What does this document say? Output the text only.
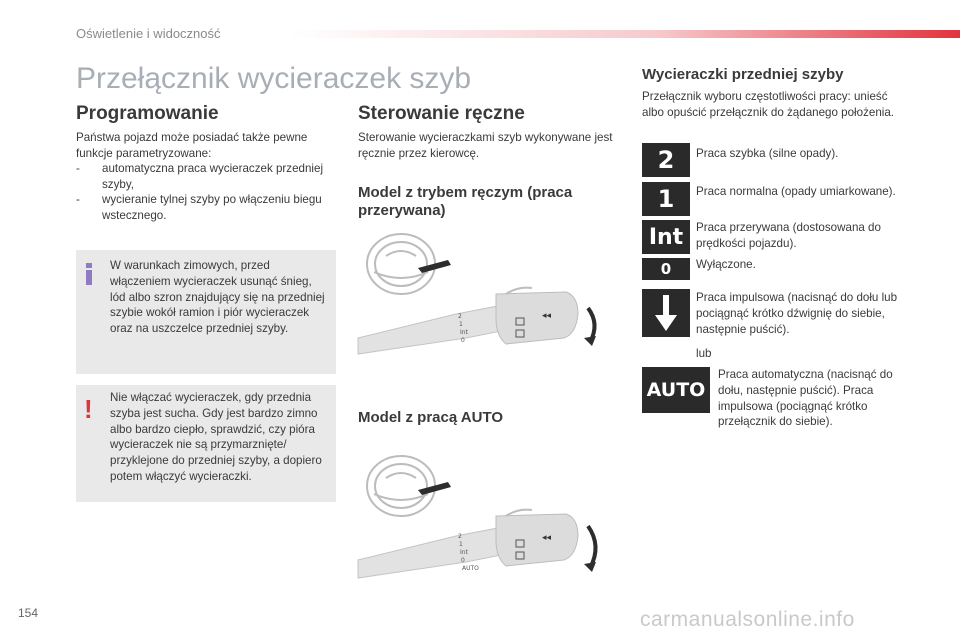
Oświetlenie i widoczność
Przełącznik wycieraczek szyb
Programowanie
Państwa pojazd może posiadać także pewne funkcje parametryzowane:
- automatyczna praca wycieraczek przedniej szyby,
- wycieranie tylnej szyby po włączeniu biegu wstecznego.
W warunkach zimowych, przed włączeniem wycieraczek usunąć śnieg, lód albo szron znajdujący się na przedniej szybie wokół ramion i piór wycieraczek oraz na uszczelce przedniej szyby.
! Nie włączać wycieraczek, gdy przednia szyba jest sucha. Gdy jest bardzo zimno albo bardzo ciepło, sprawdzić, czy pióra wycieraczek nie są przymarznięte/ przyklejone do przedniej szyby, a dopiero potem włączyć wycieraczki.
Sterowanie ręczne
Sterowanie wycieraczkami szyb wykonywane jest ręcznie przez kierowcę.
Model z trybem ręczym (praca przerywana)
2
1
Int
0
◂◂
Model z pracą AUTO
2
1
Int
0
AUTO
◂◂
Wycieraczki przedniej szyby
Przełącznik wyboru częstotliwości pracy: unieść albo opuścić przełącznik do żądanego położenia.
2	Praca szybka (silne opady).
1	Praca normalna (opady umiarkowane).
Int	Praca przerywana (dostosowana do prędkości pojazdu).
0	Wyłączone.
Praca impulsowa (nacisnąć do dołu lub pociągnąć krótko dźwignię do siebie, następnie puścić).
lub
AUTO
Praca automatyczna (nacisnąć do dołu, następnie puścić). Praca impulsowa (pociągnąć krótko przełącznik do siebie).
154	carmanualsonline.info
